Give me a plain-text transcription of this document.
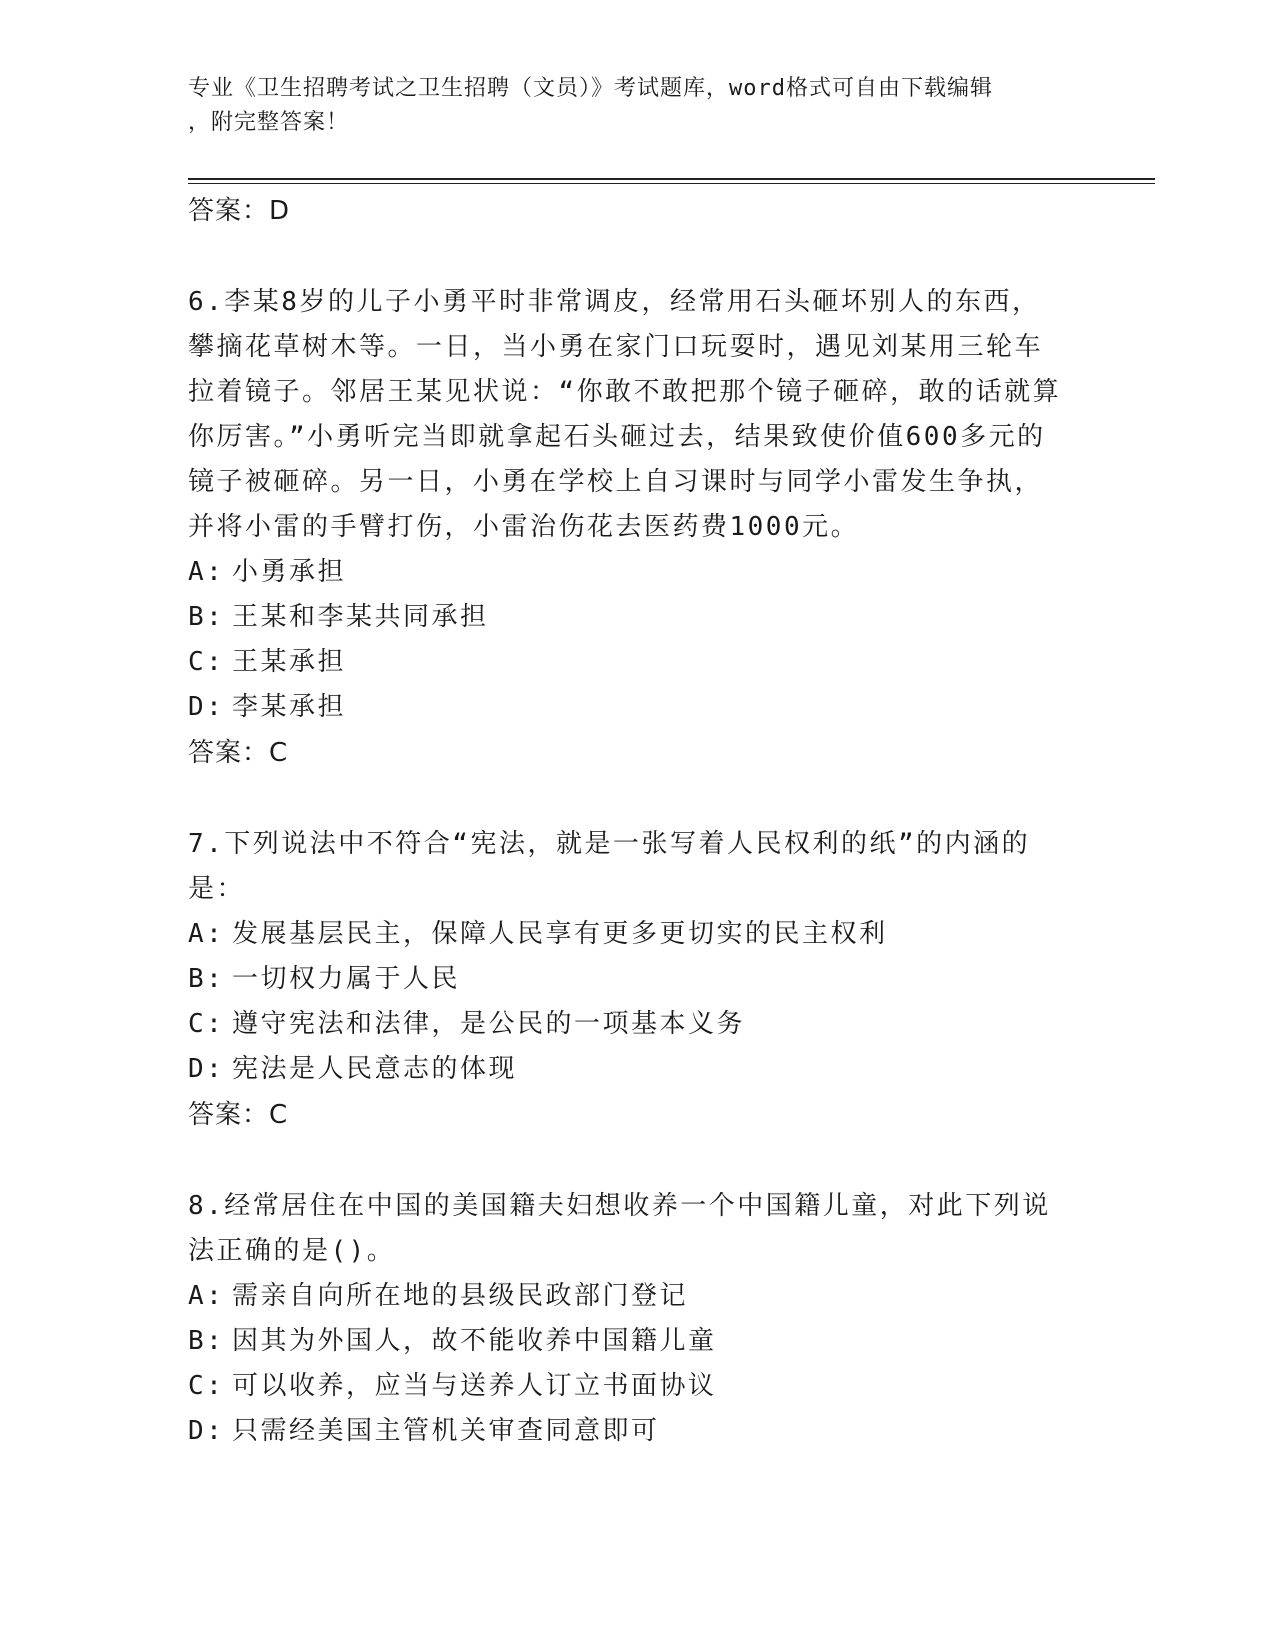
专业《卫生招聘考试之卫生招聘（文员）》考试题库，word格式可自由下载编辑
，附完整答案！

答案：D

6.李某8岁的儿子小勇平时非常调皮，经常用石头砸坏别人的东西，攀摘花草树木等。一日，当小勇在家门口玩耍时，遇见刘某用三轮车拉着镜子。邻居王某见状说：“你敢不敢把那个镜子砸碎，敢的话就算你厉害。”小勇听完当即就拿起石头砸过去，结果致使价值600多元的镜子被砸碎。另一日，小勇在学校上自习课时与同学小雷发生争执，并将小雷的手臂打伤，小雷治伤花去医药费1000元。

A: 小勇承担

B: 王某和李某共同承担

C: 王某承担

D: 李某承担

答案：C

7.下列说法中不符合“宪法，就是一张写着人民权利的纸”的内涵的是：

A: 发展基层民主，保障人民享有更多更切实的民主权利

B: 一切权力属于人民

C: 遵守宪法和法律，是公民的一项基本义务

D: 宪法是人民意志的体现

答案：C

8.经常居住在中国的美国籍夫妇想收养一个中国籍儿童，对此下列说法正确的是()。

A: 需亲自向所在地的县级民政部门登记

B: 因其为外国人，故不能收养中国籍儿童

C: 可以收养，应当与送养人订立书面协议

D: 只需经美国主管机关审查同意即可
